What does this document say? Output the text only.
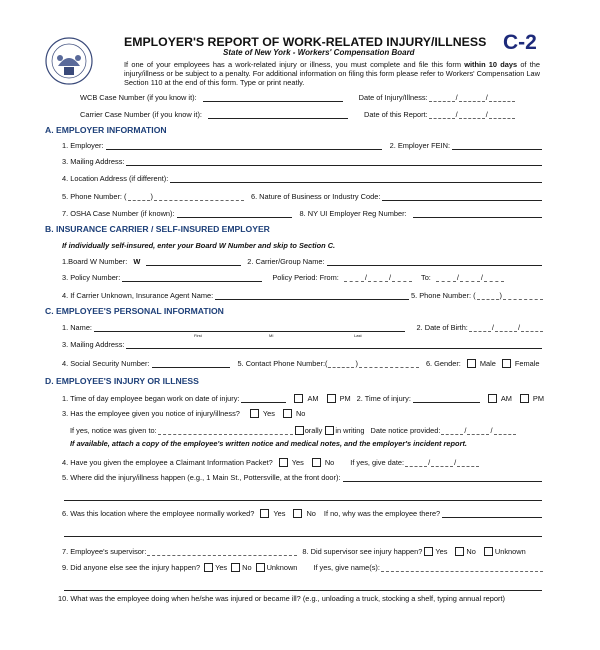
EMPLOYER'S REPORT OF WORK-RELATED INJURY/ILLNESS
State of New York - Workers' Compensation Board	C-2
If one of your employees has a work-related injury or illness, you must complete and file this form within 10 days of the injury/illness or be subject to a penalty. For additional information on filing this form please refer to Workers' Compensation Law Section 110 at the end of this form. Type or print neatly.
WCB Case Number (if you know it):	Date of Injury/Illness:	/	/
Carrier Case Number (if you know it):	Date of this Report:	/	/
A. EMPLOYER INFORMATION
1. Employer:	2. Employer FEIN:
3. Mailing Address:
4. Location Address (if different):
5. Phone Number: (	)	6. Nature of Business or Industry Code:
7. OSHA Case Number (if known):	8. NY UI Employer Reg Number:
B. INSURANCE CARRIER / SELF-INSURED EMPLOYER
If individually self-insured, enter your Board W Number and skip to Section C.
1.Board W Number: W	2. Carrier/Group Name:
3. Policy Number:	Policy Period: From:	/	/	To:	/	/
4. If Carrier Unknown, Insurance Agent Name:	5. Phone Number: (	)
C. EMPLOYEE'S PERSONAL INFORMATION
1. Name:
First	MI	Last
2. Date of Birth:	/	/
3. Mailing Address:
4. Social Security Number:	5. Contact Phone Number:(	)	6. Gender:	Male	Female
D. EMPLOYEE'S INJURY OR ILLNESS
1. Time of day employee began work on date of injury:	AM	PM 2. Time of injury:	AM	PM
3. Has the employee given you notice of injury/illness?	Yes	No
If yes, notice was given to:	orally in writing Date notice provided:	/	/
If available, attach a copy of the employee's written notice and medical notes, and the employer's incident report.
4. Have you given the employee a Claimant Information Packet?	Yes	No If yes, give date:	/	/
5. Where did the injury/illness happen (e.g., 1 Main St., Pottersville, at the front door):
6. Was this location where the employee normally worked?	Yes	No If no, why was the employee there?
7. Employee's supervisor:	8. Did supervisor see injury happen? Yes	No	Unknown
9. Did anyone else see the injury happen? Yes No Unknown If yes, give name(s):
10. What was the employee doing when he/she was injured or became ill? (e.g., unloading a truck, stocking a shelf, typing annual report)
